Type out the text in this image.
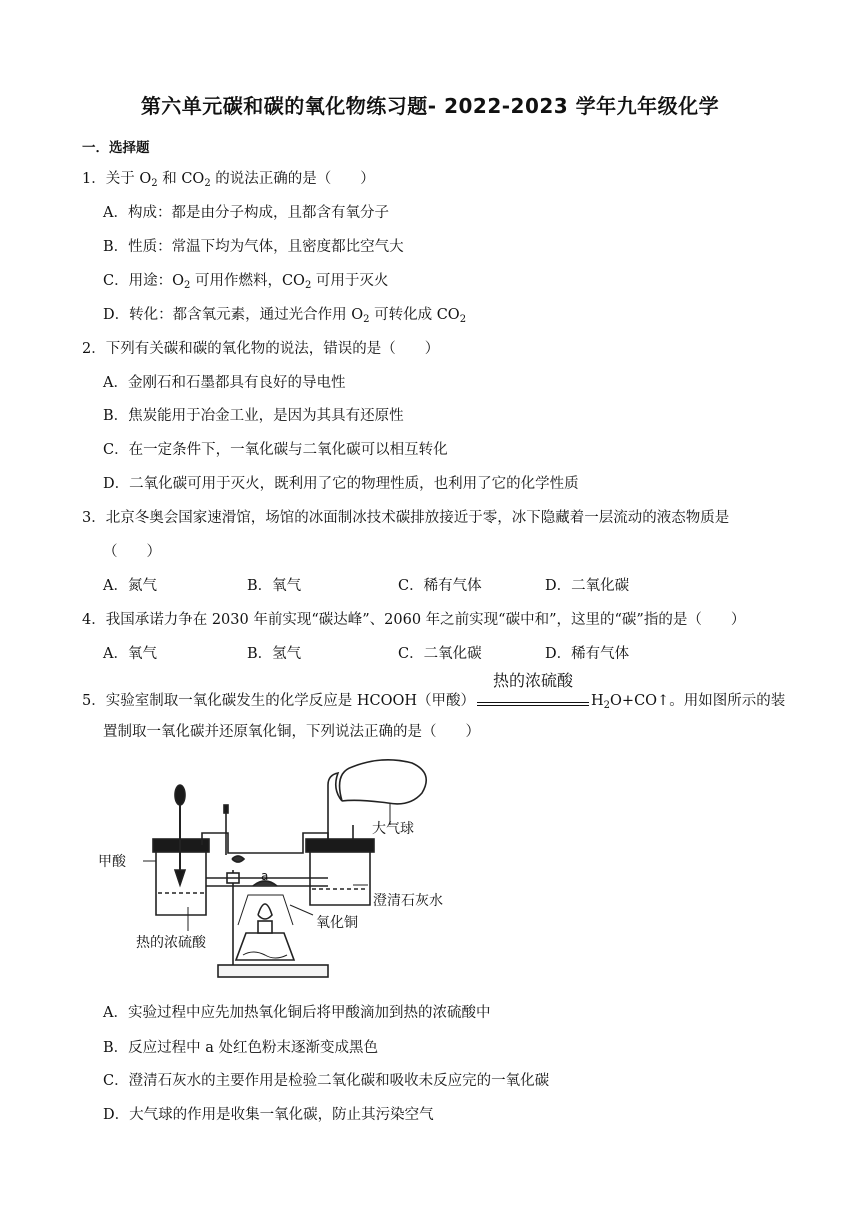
第六单元碳和碳的氧化物练习题- 2022-2023 学年九年级化学
一．选择题
1．关于 $O_2$ 和 $CO_2$ 的说法正确的是（　　）
A．构成：都是由分子构成，且都含有氧分子
B．性质：常温下均为气体，且密度都比空气大
C．用途：$O_2$ 可用作燃料，$CO_2$ 可用于灭火
D．转化：都含氧元素，通过光合作用 $O_2$ 可转化成 $CO_2$
2．下列有关碳和碳的氧化物的说法，错误的是（　　）
A．金刚石和石墨都具有良好的导电性
B．焦炭能用于冶金工业，是因为其具有还原性
C．在一定条件下，一氧化碳与二氧化碳可以相互转化
D．二氧化碳可用于灭火，既利用了它的物理性质，也利用了它的化学性质
3．北京冬奥会国家速滑馆，场馆的冰面制冰技术碳排放接近于零，冰下隐藏着一层流动的液态物质是
（　　）
A．氮气	B．氧气	C．稀有气体	D．二氧化碳
4．我国承诺力争在 2030 年前实现“碳达峰”、2060 年之前实现“碳中和”，这里的“碳”指的是（　　）
A．氧气	B．氢气	C．二氧化碳	D．稀有气体
5．实验室制取一氧化碳发生的化学反应是 HCOOH（甲酸）
热的浓硫酸
$H_2O+CO↑$。用如图所示的装
置制取一氧化碳并还原氧化铜，下列说法正确的是（　　）
甲酸
热的浓硫酸
a
大气球
澄清石灰水
氧化铜
A．实验过程中应先加热氧化铜后将甲酸滴加到热的浓硫酸中
B．反应过程中 a 处红色粉末逐渐变成黑色
C．澄清石灰水的主要作用是检验二氧化碳和吸收未反应完的一氧化碳
D．大气球的作用是收集一氧化碳，防止其污染空气
